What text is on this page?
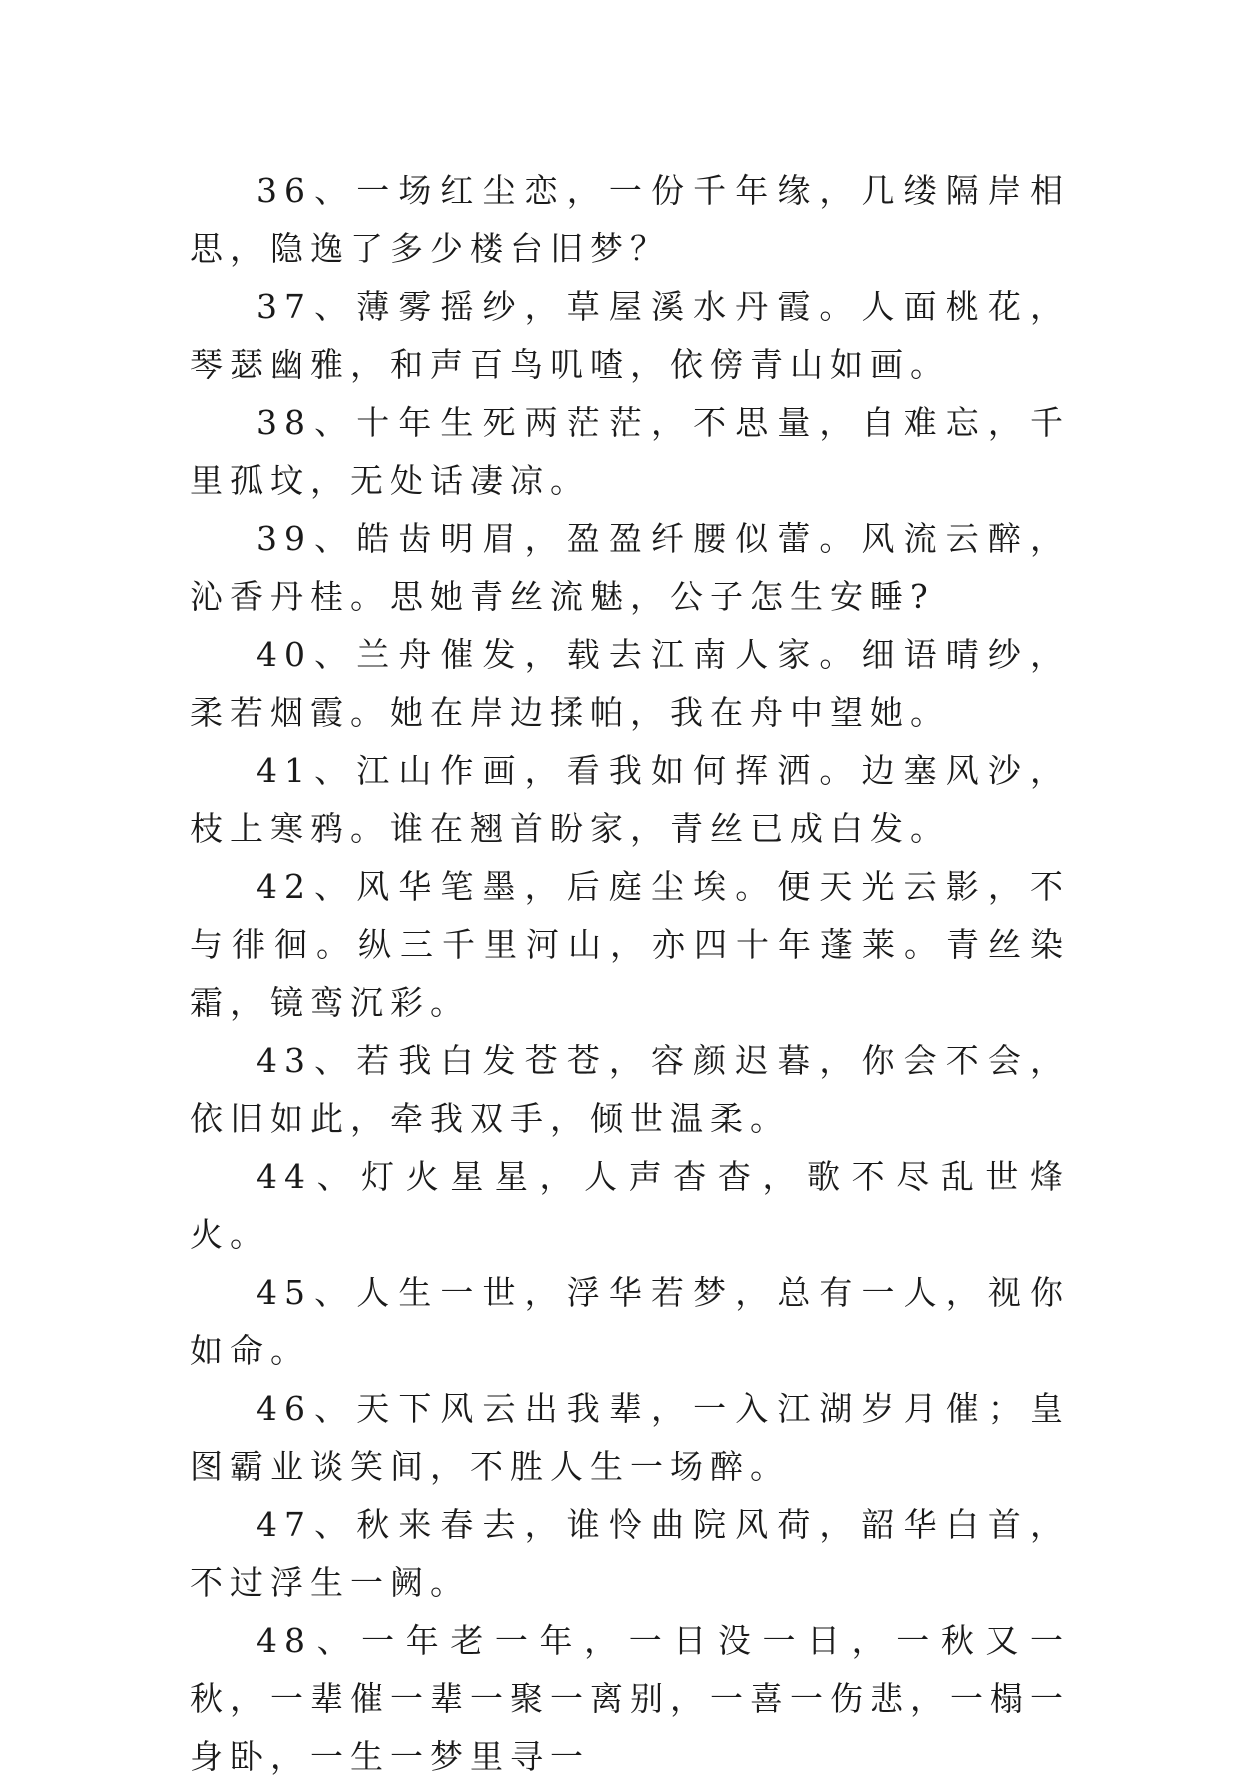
36、一场红尘恋，一份千年缘，几缕隔岸相思，隐逸了多少楼台旧梦？

37、薄雾摇纱，草屋溪水丹霞。人面桃花，琴瑟幽雅，和声百鸟叽喳，依傍青山如画。

38、十年生死两茫茫，不思量，自难忘，千里孤坟，无处话凄凉。

39、皓齿明眉，盈盈纤腰似蕾。风流云醉，沁香丹桂。思她青丝流魅，公子怎生安睡?

40、兰舟催发，载去江南人家。细语晴纱，柔若烟霞。她在岸边揉帕，我在舟中望她。

41、江山作画，看我如何挥洒。边塞风沙，枝上寒鸦。谁在翘首盼家，青丝已成白发。

42、风华笔墨，后庭尘埃。便天光云影，不与徘徊。纵三千里河山，亦四十年蓬莱。青丝染霜，镜鸾沉彩。

43、若我白发苍苍，容颜迟暮，你会不会，依旧如此，牵我双手，倾世温柔。

44、灯火星星，人声杳杳，歌不尽乱世烽火。

45、人生一世，浮华若梦，总有一人，视你如命。

46、天下风云出我辈，一入江湖岁月催；皇图霸业谈笑间，不胜人生一场醉。

47、秋来春去，谁怜曲院风荷，韶华白首，不过浮生一阙。

48、一年老一年，一日没一日，一秋又一秋，一辈催一辈一聚一离别，一喜一伤悲，一榻一身卧，一生一梦里寻一
